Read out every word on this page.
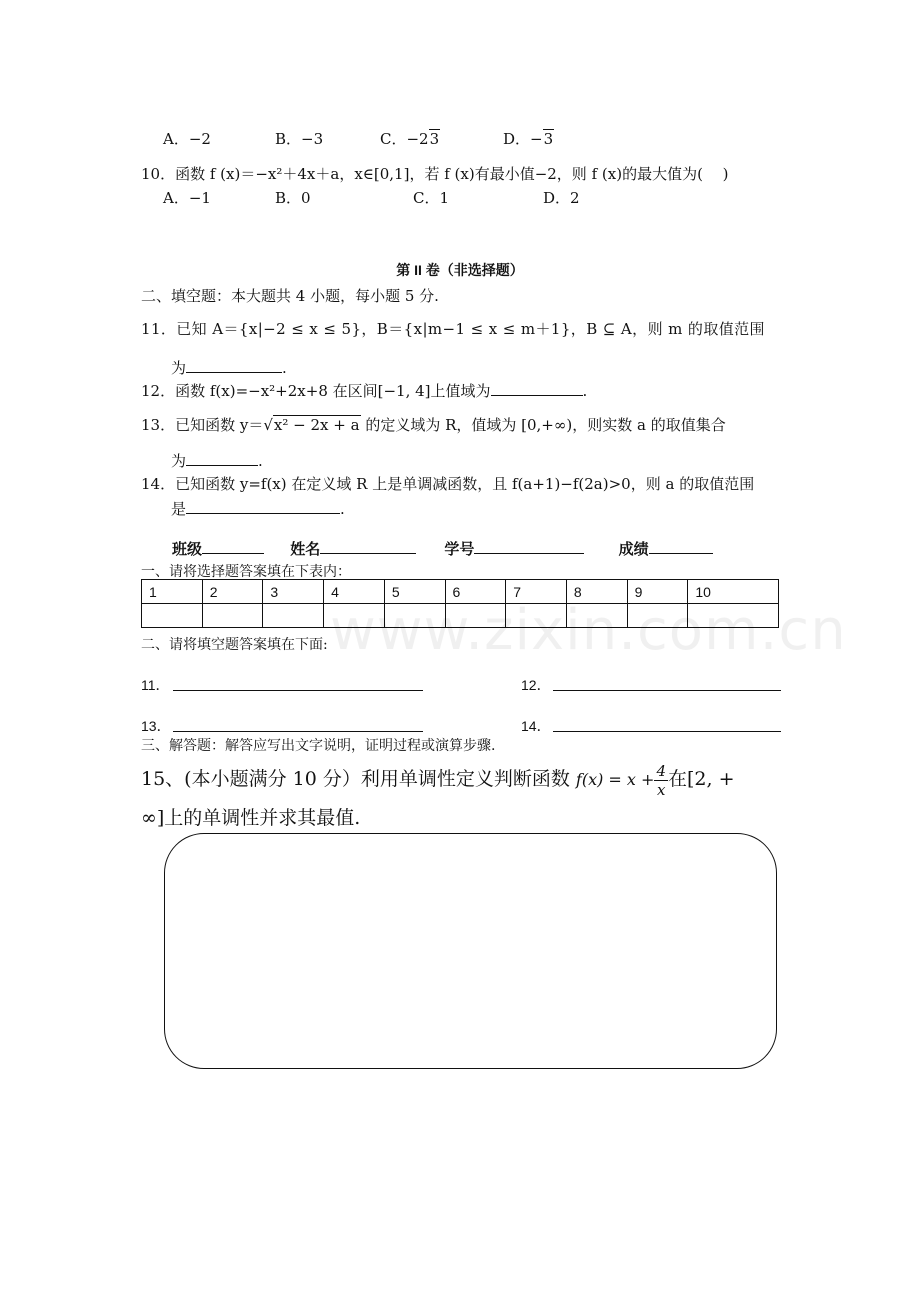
A．−2	B．−3	C．−23	D．−3
10．函数 f (x)＝−x²＋4x＋a，x∈[0,1]，若 f (x)有最小值−2，则 f (x)的最大值为(　 )
A．−1	B．0	C．1	D．2
第 II 卷（非选择题）
二、填空题：本大题共 4 小题，每小题 5 分.
11．已知 A＝{x|−2 ≤ x ≤ 5}，B＝{x|m−1 ≤ x ≤ m＋1}，B ⊆ A，则 m 的取值范围
为	.
12．函数 f(x)=−x²+2x+8 在区间[−1, 4]上值域为	.
13．已知函数 y＝√x² − 2x + a 的定义域为 R，值域为 [0,+∞)，则实数 a 的取值集合
为	.
14．已知函数 y=f(x) 在定义域 R 上是单调减函数，且 f(a+1)−f(2a)>0，则 a 的取值范围
是	.
班级	姓名	学号	成绩
一、请将选择题答案填在下表内：
1	2	3	4	5	6	7	8	9	10

www.zixin.com.cn
二、请将填空题答案填在下面:
11．	12．
13．	14．
三、解答题：解答应写出文字说明，证明过程或演算步骤.
15、(本小题满分 10 分）利用单调性定义判断函数 $f(x) = x + \frac{4}{x}$ 在[2, +
∞]上的单调性并求其最值.
